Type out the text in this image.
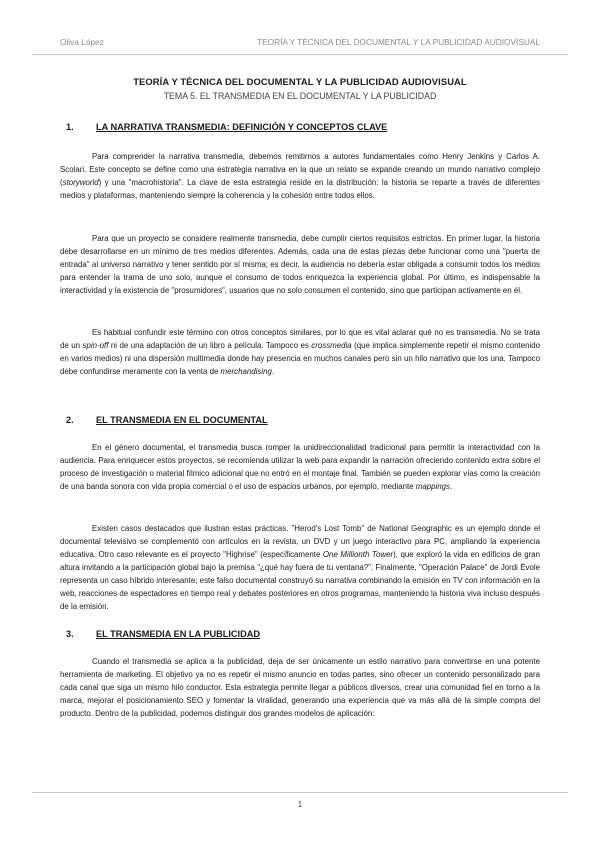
Oliva López	TEORÍA Y TÉCNICA DEL DOCUMENTAL Y LA PUBLICIDAD AUDIOVISUAL
TEORÍA Y TÉCNICA DEL DOCUMENTAL Y LA PUBLICIDAD AUDIOVISUAL
TEMA 5. EL TRANSMEDIA EN EL DOCUMENTAL Y LA PUBLICIDAD
1. LA NARRATIVA TRANSMEDIA: DEFINICIÓN Y CONCEPTOS CLAVE
Para comprender la narrativa transmedia, debemos remitirnos a autores fundamentales como Henry Jenkins y Carlos A. Scolari. Este concepto se define como una estrategia narrativa en la que un relato se expande creando un mundo narrativo complejo (storyworld) y una "macrohistoria". La clave de esta estrategia reside en la distribución: la historia se reparte a través de diferentes medios y plataformas, manteniendo siempre la coherencia y la cohesión entre todos ellos.
Para que un proyecto se considere realmente transmedia, debe cumplir ciertos requisitos estrictos. En primer lugar, la historia debe desarrollarse en un mínimo de tres medios diferentes. Además, cada una de estas piezas debe funcionar como una "puerta de entrada" al universo narrativo y tener sentido por sí misma; es decir, la audiencia no debería estar obligada a consumir todos los medios para entender la trama de uno solo, aunque el consumo de todos enriquezca la experiencia global. Por último, es indispensable la interactividad y la existencia de "prosumidores", usuarios que no solo consumen el contenido, sino que participan activamente en él.
Es habitual confundir este término con otros conceptos similares, por lo que es vital aclarar qué no es transmedia. No se trata de un spin-off ni de una adaptación de un libro a película. Tampoco es crossmedia (que implica simplemente repetir el mismo contenido en varios medios) ni una dispersión multimedia donde hay presencia en muchos canales pero sin un hilo narrativo que los una. Tampoco debe confundirse meramente con la venta de merchandising.
2. EL TRANSMEDIA EN EL DOCUMENTAL
En el género documental, el transmedia busca romper la unidireccionalidad tradicional para permitir la interactividad con la audiencia. Para enriquecer estos proyectos, se recomienda utilizar la web para expandir la narración ofreciendo contenido extra sobre el proceso de investigación o material fílmico adicional que no entró en el montaje final. También se pueden explorar vías como la creación de una banda sonora con vida propia comercial o el uso de espacios urbanos, por ejemplo, mediante mappings.
Existen casos destacados que ilustran estas prácticas. "Herod's Lost Tomb" de National Geographic es un ejemplo donde el documental televisivo se complementó con artículos en la revista, un DVD y un juego interactivo para PC, ampliando la experiencia educativa. Otro caso relevante es el proyecto "Highrise" (específicamente One Millionth Tower), que exploró la vida en edificios de gran altura invitando a la participación global bajo la premisa "¿qué hay fuera de tu ventana?". Finalmente, "Operación Palace" de Jordi Évole representa un caso híbrido interesante; este falso documental construyó su narrativa combinando la emisión en TV con información en la web, reacciones de espectadores en tiempo real y debates posteriores en otros programas, manteniendo la historia viva incluso después de la emisión.
3. EL TRANSMEDIA EN LA PUBLICIDAD
Cuando el transmedia se aplica a la publicidad, deja de ser únicamente un estilo narrativo para convertirse en una potente herramienta de marketing. El objetivo ya no es repetir el mismo anuncio en todas partes, sino ofrecer un contenido personalizado para cada canal que siga un mismo hilo conductor. Esta estrategia permite llegar a públicos diversos, crear una comunidad fiel en torno a la marca, mejorar el posicionamiento SEO y fomentar la viralidad, generando una experiencia que va más allá de la simple compra del producto. Dentro de la publicidad, podemos distinguir dos grandes modelos de aplicación:
1
